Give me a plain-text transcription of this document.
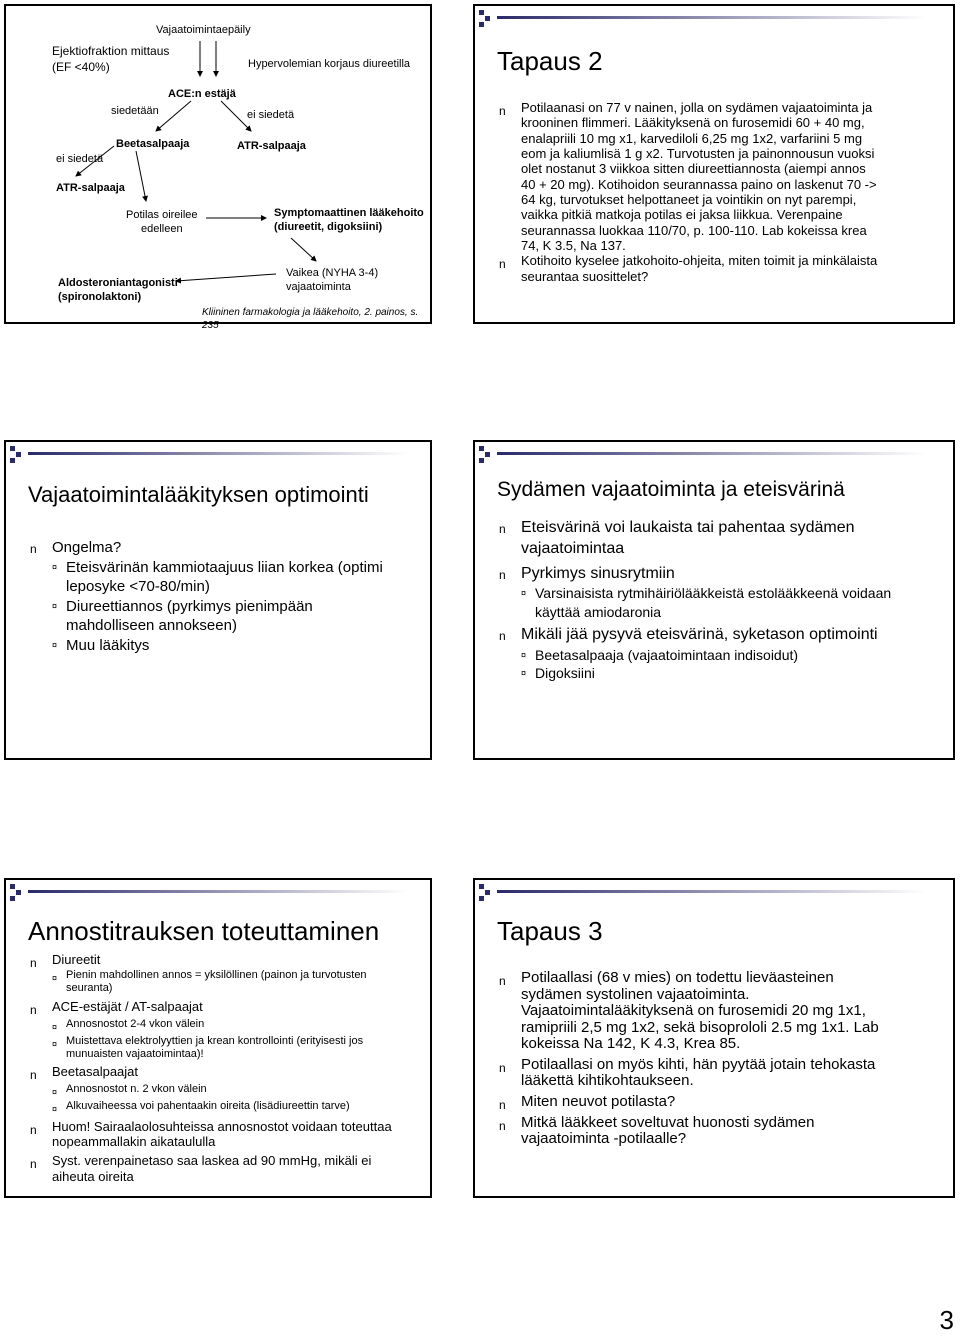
Ejektiofraktion mittaus
(EF <40%)
Vajaatoimintaepäily
Hypervolemian korjaus diureetilla
ACE:n estäjä
siedetään	ei siedetä
Beetasalpaaja	ATR-salpaaja
ei siedetä
ATR-salpaaja
Potilas oireilee
edelleen
Symptomaattinen lääkehoito
(diureetit, digoksiini)
Vaikea (NYHA 3-4)
vajaatoiminta
Aldosteroniantagonisti
(spironolaktoni)
Kliininen farmakologia ja lääkehoito, 2. painos, s. 235
Tapaus 2
n	Potilaanasi on 77 v nainen, jolla on sydämen vajaatoiminta ja krooninen flimmeri. Lääkityksenä on furosemidi 60 + 40 mg, enalapriili 10 mg x1, karvediloli 6,25 mg 1x2, varfariini 5 mg eom ja kaliumlisä 1 g x2. Turvotusten ja painonnousun vuoksi olet nostanut 3 viikkoa sitten diureettiannosta (aiempi annos 40 + 20 mg). Kotihoidon seurannassa paino on laskenut 70 -> 64 kg, turvotukset helpottaneet ja vointikin on nyt parempi, vaikka pitkiä matkoja potilas ei jaksa liikkua. Verenpaine seurannassa luokkaa 110/70, p. 100-110. Lab kokeissa krea 74, K 3.5, Na 137.
n	Kotihoito kyselee jatkohoito-ohjeita, miten toimit ja minkälaista seurantaa suosittelet?
Vajaatoimintalääkityksen optimointi
n	Ongelma?
¤ Eteisvärinän kammiotaajuus liian korkea (optimi leposyke <70-80/min)
¤ Diureettiannos (pyrkimys pienimpään mahdolliseen annokseen)
¤ Muu lääkitys
Sydämen vajaatoiminta ja eteisvärinä
n Eteisvärinä voi laukaista tai pahentaa sydämen vajaatoimintaa
n Pyrkimys sinusrytmiin
¤ Varsinaisista rytmihäiriölääkkeistä estolääkkeenä voidaan käyttää amiodaronia
n Mikäli jää pysyvä eteisvärinä, syketason optimointi
¤ Beetasalpaaja (vajaatoimintaan indisoidut)
¤ Digoksiini
Annostitrauksen toteuttaminen
n	Diureetit
¤ Pienin mahdollinen annos = yksilöllinen (painon ja turvotusten seuranta)
n	ACE-estäjät / AT-salpaajat
¤ Annosnostot 2-4 vkon välein
¤ Muistettava elektrolyyttien ja krean kontrollointi (erityisesti jos munuaisten vajaatoimintaa)!
n	Beetasalpaajat
¤ Annosnostot n. 2 vkon välein
¤ Alkuvaiheessa voi pahentaakin oireita (lisädiureettin tarve)
n	Huom! Sairaalaolosuhteissa annosnostot voidaan toteuttaa nopeammallakin aikataululla
n	Syst. verenpainetaso saa laskea ad 90 mmHg, mikäli ei aiheuta oireita
Tapaus 3
n	Potilaallasi (68 v mies) on todettu lieväasteinen sydämen systolinen vajaatoiminta. Vajaatoimintalääkityksenä on furosemidi 20 mg 1x1, ramipriili 2,5 mg 1x2, sekä bisoprololi 2.5 mg 1x1. Lab kokeissa Na 142, K 4.3, Krea 85.
n	Potilaallasi on myös kihti, hän pyytää jotain tehokasta lääkettä kihtikohtaukseen.
n	Miten neuvot potilasta?
n	Mitkä lääkkeet soveltuvat huonosti sydämen vajaatoiminta -potilaalle?
3
